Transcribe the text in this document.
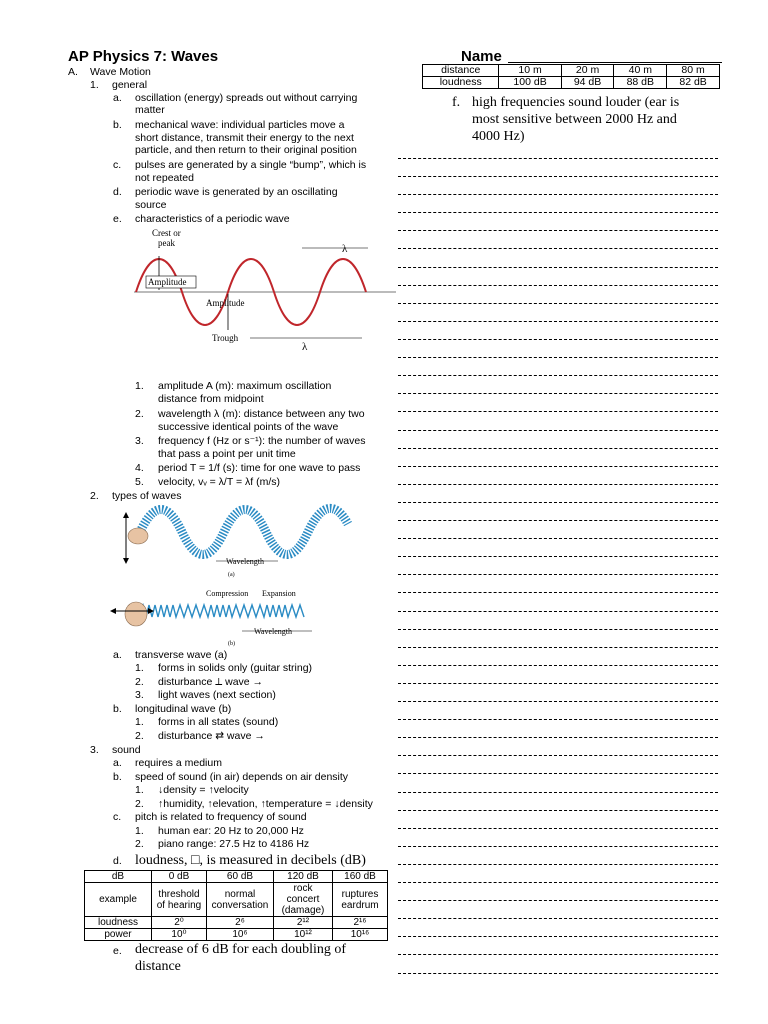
AP Physics 7: Waves	Name
distance	10 m	20 m	40 m	80 m
loudness	100 dB	94 dB	88 dB	82 dB
f. high frequencies sound louder (ear is
most sensitive between 2000 Hz and
4000 Hz)
A. Wave Motion
1. general
a. oscillation (energy) spreads out without carrying
matter
b. mechanical wave: individual particles move a
short distance, transmit their energy to the next
particle, and then return to their original position
c. pulses are generated by a single “bump”, which is
not repeated
d. periodic wave is generated by an oscillating
source
e. characteristics of a periodic wave
λ
Crest or
peak
Amplitude
Amplitude
Trough
λ
1. amplitude A (m): maximum oscillation
distance from midpoint
2. wavelength λ (m): distance between any two
successive identical points of the wave
3. frequency f (Hz or s⁻¹): the number of waves
that pass a point per unit time
4. period T = 1/f (s): time for one wave to pass
5. velocity, vᵥ = λ/T = λf (m/s)
2. types of waves
Wavelength
(a)
Compression Expansion
Wavelength
(b)
a. transverse wave (a)
1. forms in solids only (guitar string)
2. disturbance ⟂ wave →
3. light waves (next section)
b. longitudinal wave (b)
1. forms in all states (sound)
2. disturbance ⇄ wave →
3. sound
a. requires a medium
b. speed of sound (in air) depends on air density
1. ↓density = ↑velocity
2. ↑humidity, ↑elevation, ↑temperature = ↓density
c. pitch is related to frequency of sound
1. human ear: 20 Hz to 20,000 Hz
2. piano range: 27.5 Hz to 4186 Hz
d. loudness, □, is measured in decibels (dB)
dB	0 dB	60 dB	120 dB	160 dB
example	threshold of hearing	normal conversation	rock concert (damage)	ruptures eardrum
loudness	2⁰	2⁶	2¹²	2¹⁶
power	10⁰	10⁶	10¹²	10¹⁶
e. decrease of 6 dB for each doubling of
distance
